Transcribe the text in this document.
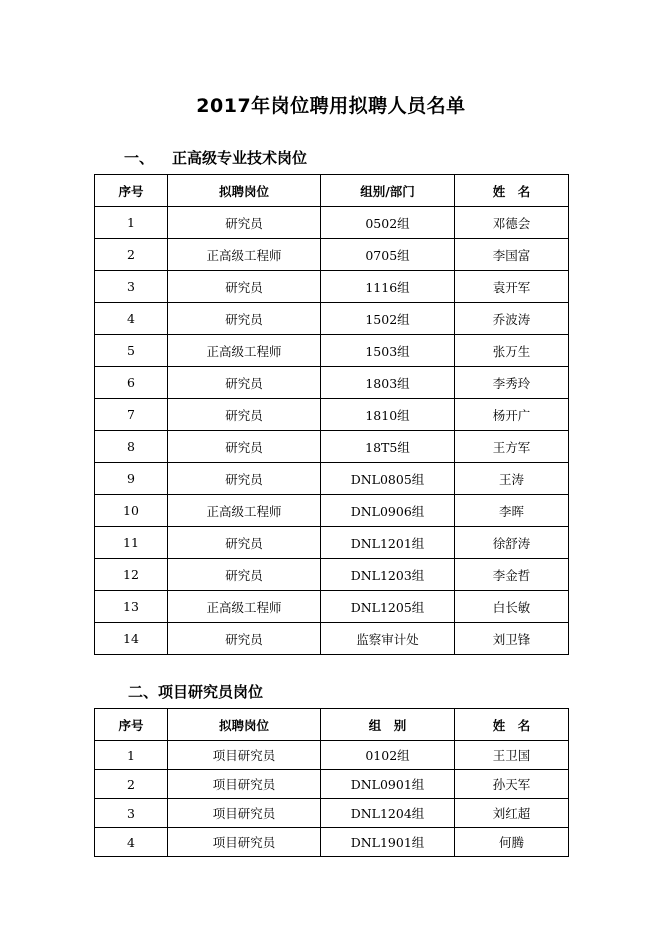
2017年岗位聘用拟聘人员名单
一、 正高级专业技术岗位
序号	拟聘岗位	组别/部门	姓　名
1	研究员	0502组	邓德会
2	正高级工程师	0705组	李国富
3	研究员	1116组	袁开军
4	研究员	1502组	乔波涛
5	正高级工程师	1503组	张万生
6	研究员	1803组	李秀玲
7	研究员	1810组	杨开广
8	研究员	18T5组	王方军
9	研究员	DNL0805组	王涛
10	正高级工程师	DNL0906组	李晖
11	研究员	DNL1201组	徐舒涛
12	研究员	DNL1203组	李金哲
13	正高级工程师	DNL1205组	白长敏
14	研究员	监察审计处	刘卫锋
二、项目研究员岗位
序号	拟聘岗位	组　别	姓　名
1	项目研究员	0102组	王卫国
2	项目研究员	DNL0901组	孙天军
3	项目研究员	DNL1204组	刘红超
4	项目研究员	DNL1901组	何腾
